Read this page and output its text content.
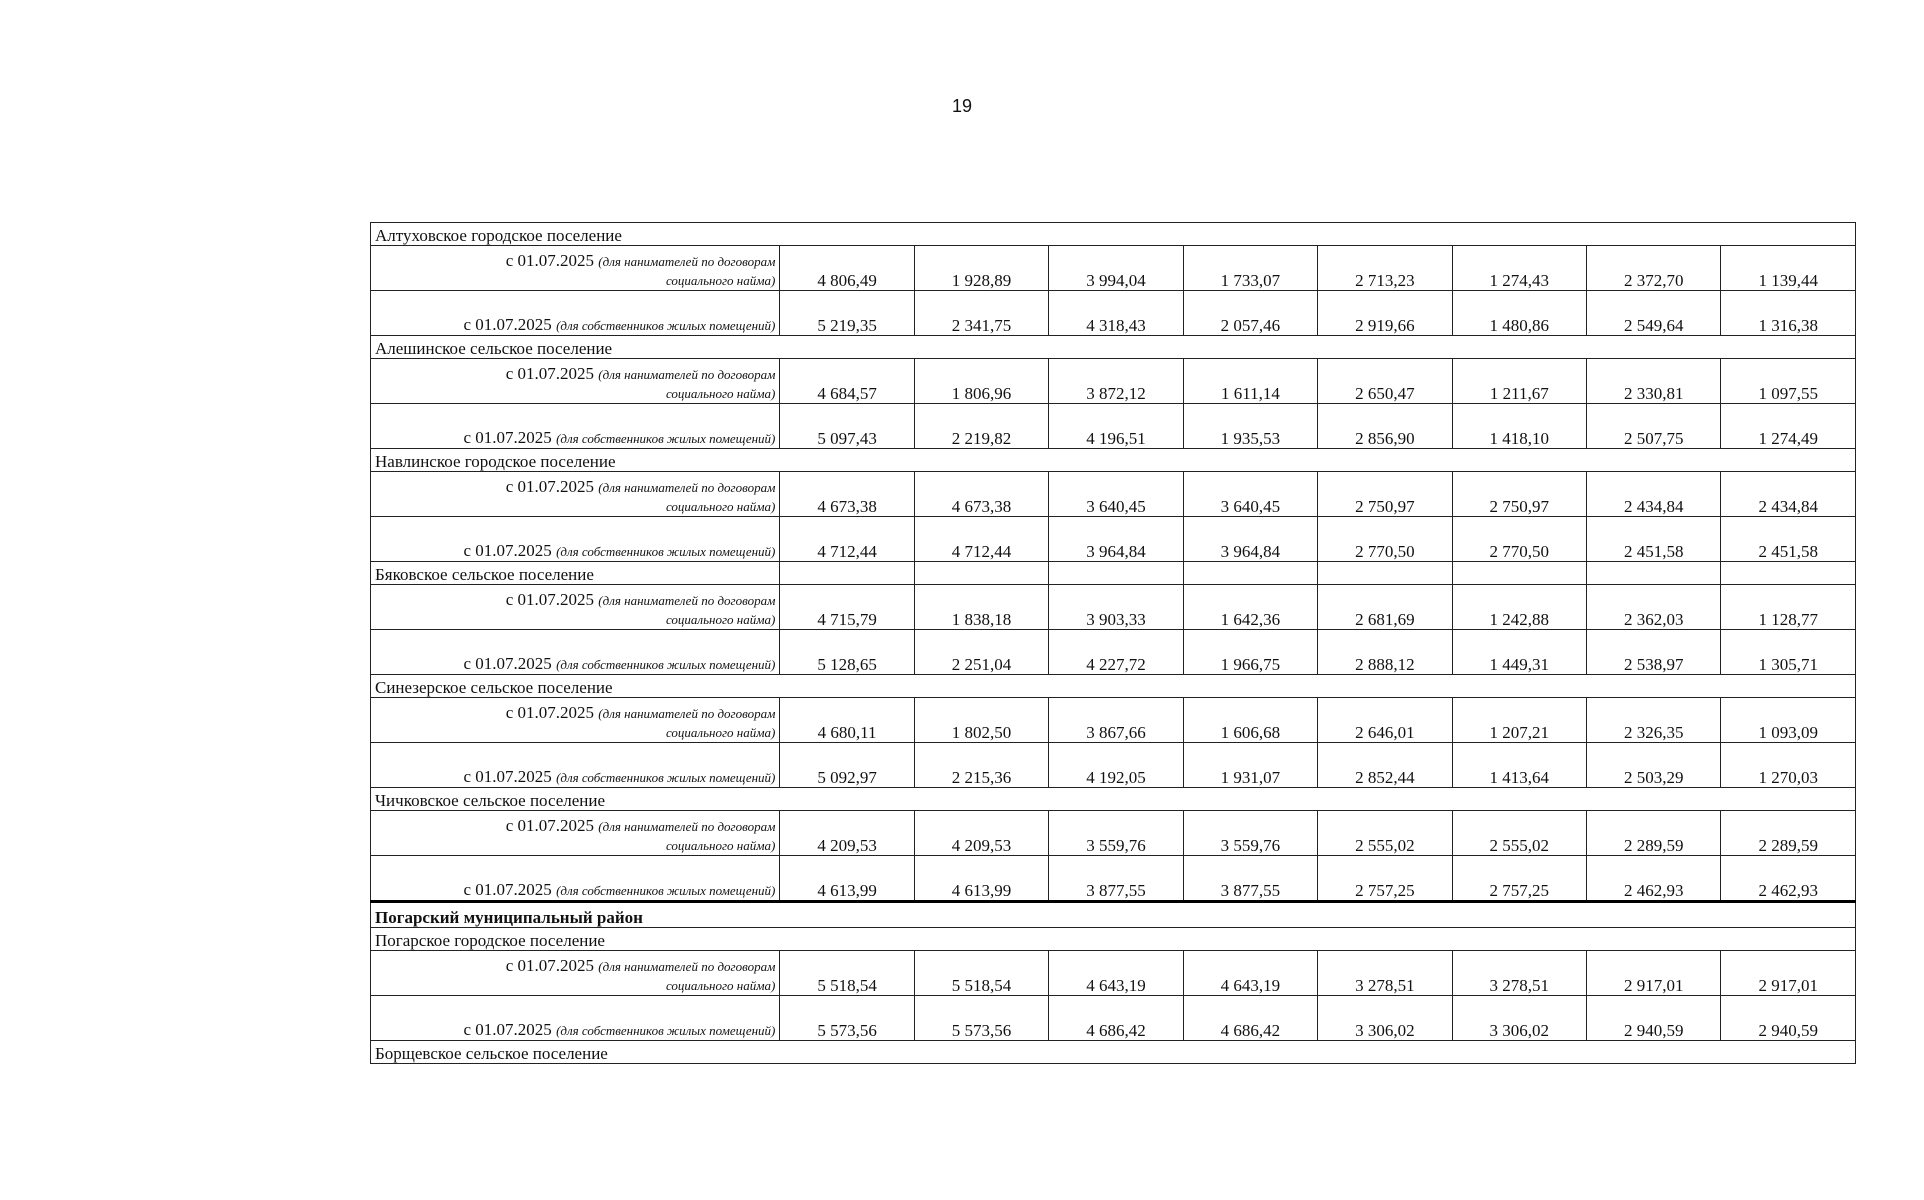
19
Алтуховское городское поселение								
с 01.07.2025 (для нанимателей по договорам
социального найма)	4 806,49	1 928,89	3 994,04	1 733,07	2 713,23	1 274,43	2 372,70	1 139,44
с 01.07.2025 (для собственников жилых помещений)	5 219,35	2 341,75	4 318,43	2 057,46	2 919,66	1 480,86	2 549,64	1 316,38
Алешинское сельское поселение								
с 01.07.2025 (для нанимателей по договорам
социального найма)	4 684,57	1 806,96	3 872,12	1 611,14	2 650,47	1 211,67	2 330,81	1 097,55
с 01.07.2025 (для собственников жилых помещений)	5 097,43	2 219,82	4 196,51	1 935,53	2 856,90	1 418,10	2 507,75	1 274,49
Навлинское городское поселение								
с 01.07.2025 (для нанимателей по договорам
социального найма)	4 673,38	4 673,38	3 640,45	3 640,45	2 750,97	2 750,97	2 434,84	2 434,84
с 01.07.2025 (для собственников жилых помещений)	4 712,44	4 712,44	3 964,84	3 964,84	2 770,50	2 770,50	2 451,58	2 451,58
Бяковское сельское поселение								
с 01.07.2025 (для нанимателей по договорам
социального найма)	4 715,79	1 838,18	3 903,33	1 642,36	2 681,69	1 242,88	2 362,03	1 128,77
с 01.07.2025 (для собственников жилых помещений)	5 128,65	2 251,04	4 227,72	1 966,75	2 888,12	1 449,31	2 538,97	1 305,71
Синезерское сельское поселение								
с 01.07.2025 (для нанимателей по договорам
социального найма)	4 680,11	1 802,50	3 867,66	1 606,68	2 646,01	1 207,21	2 326,35	1 093,09
с 01.07.2025 (для собственников жилых помещений)	5 092,97	2 215,36	4 192,05	1 931,07	2 852,44	1 413,64	2 503,29	1 270,03
Чичковское сельское поселение								
с 01.07.2025 (для нанимателей по договорам
социального найма)	4 209,53	4 209,53	3 559,76	3 559,76	2 555,02	2 555,02	2 289,59	2 289,59
с 01.07.2025 (для собственников жилых помещений)	4 613,99	4 613,99	3 877,55	3 877,55	2 757,25	2 757,25	2 462,93	2 462,93
Погарский муниципальный район								
Погарское городское поселение								
с 01.07.2025 (для нанимателей по договорам
социального найма)	5 518,54	5 518,54	4 643,19	4 643,19	3 278,51	3 278,51	2 917,01	2 917,01
с 01.07.2025 (для собственников жилых помещений)	5 573,56	5 573,56	4 686,42	4 686,42	3 306,02	3 306,02	2 940,59	2 940,59
Борщевское сельское поселение								
